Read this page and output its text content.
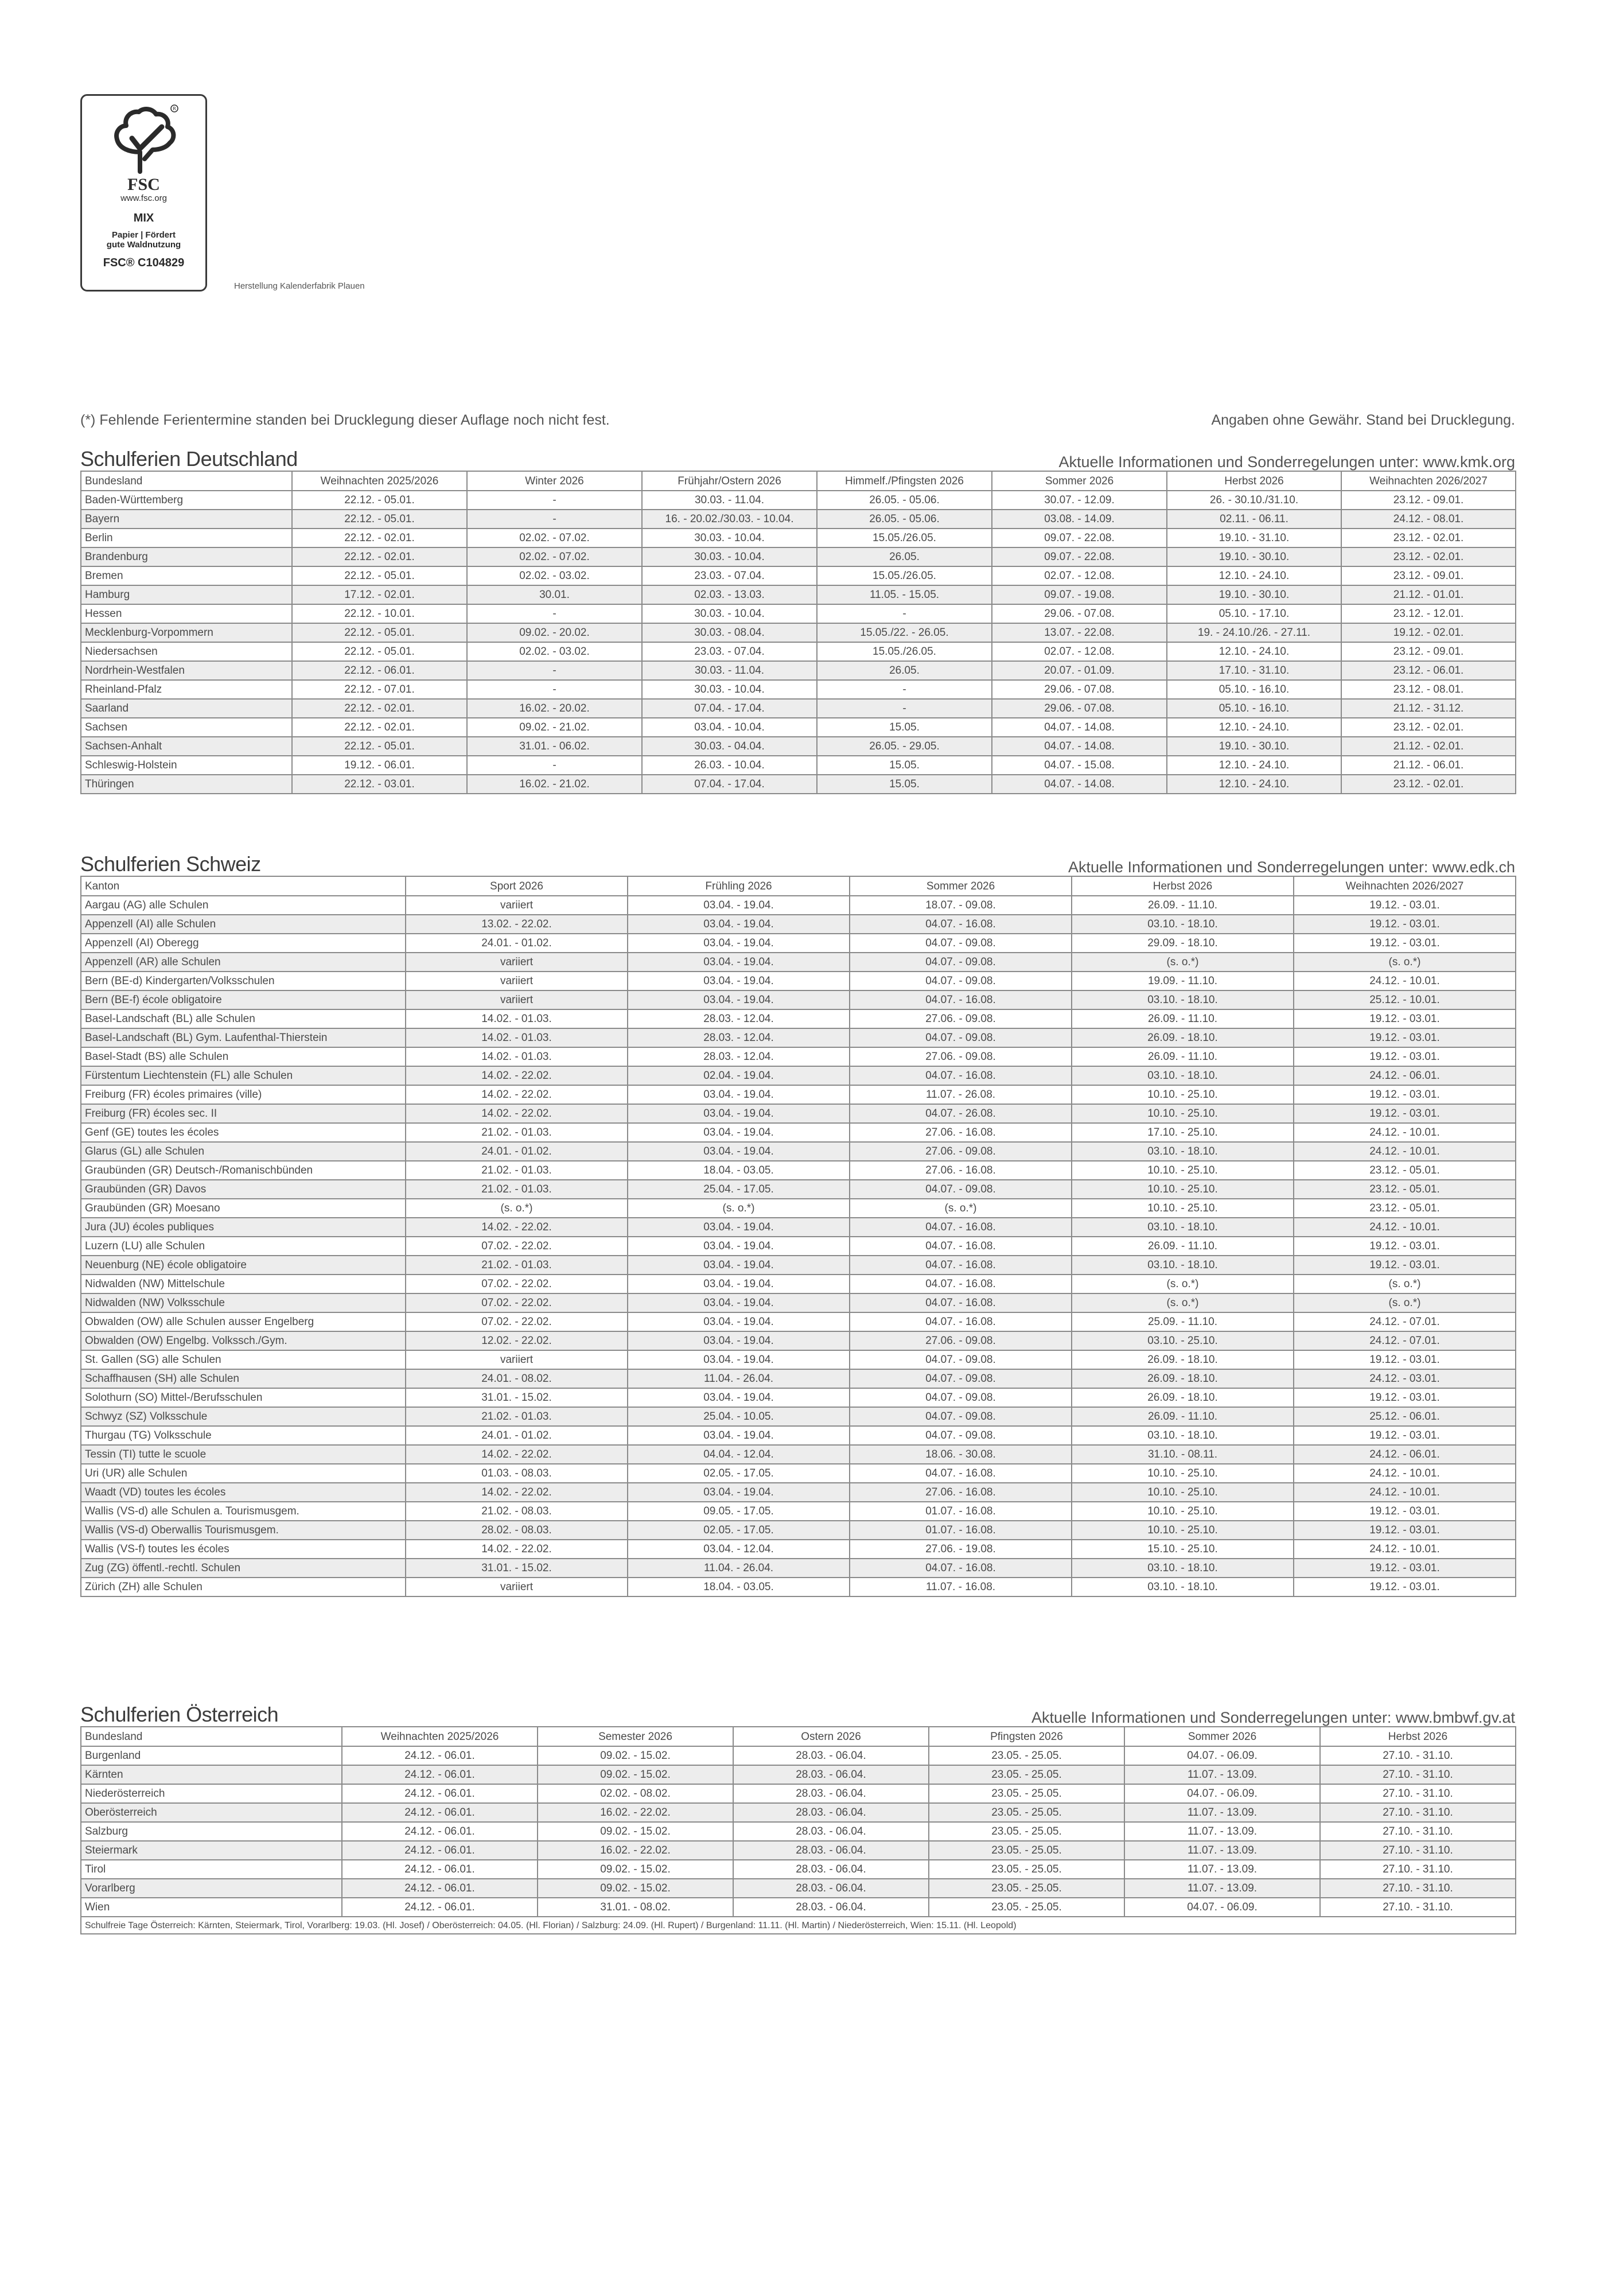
R
FSC
www.fsc.org
MIX
Papier | Fördert
gute Waldnutzung
FSC® C104829
Herstellung Kalenderfabrik Plauen
(*) Fehlende Ferientermine standen bei Drucklegung dieser Auflage noch nicht fest.	Angaben ohne Gewähr. Stand bei Drucklegung.
Schulferien Deutschland	Aktuelle Informationen und Sonderregelungen unter: www.kmk.org
Bundesland	Weihnachten 2025/2026	Winter 2026	Frühjahr/Ostern 2026	Himmelf./Pfingsten 2026	Sommer 2026	Herbst 2026	Weihnachten 2026/2027
Baden-Württemberg	22.12. - 05.01.	-	30.03. - 11.04.	26.05. - 05.06.	30.07. - 12.09.	26. - 30.10./31.10.	23.12. - 09.01.
Bayern	22.12. - 05.01.	-	16. - 20.02./30.03. - 10.04.	26.05. - 05.06.	03.08. - 14.09.	02.11. - 06.11.	24.12. - 08.01.
Berlin	22.12. - 02.01.	02.02. - 07.02.	30.03. - 10.04.	15.05./26.05.	09.07. - 22.08.	19.10. - 31.10.	23.12. - 02.01.
Brandenburg	22.12. - 02.01.	02.02. - 07.02.	30.03. - 10.04.	26.05.	09.07. - 22.08.	19.10. - 30.10.	23.12. - 02.01.
Bremen	22.12. - 05.01.	02.02. - 03.02.	23.03. - 07.04.	15.05./26.05.	02.07. - 12.08.	12.10. - 24.10.	23.12. - 09.01.
Hamburg	17.12. - 02.01.	30.01.	02.03. - 13.03.	11.05. - 15.05.	09.07. - 19.08.	19.10. - 30.10.	21.12. - 01.01.
Hessen	22.12. - 10.01.	-	30.03. - 10.04.	-	29.06. - 07.08.	05.10. - 17.10.	23.12. - 12.01.
Mecklenburg-Vorpommern	22.12. - 05.01.	09.02. - 20.02.	30.03. - 08.04.	15.05./22. - 26.05.	13.07. - 22.08.	19. - 24.10./26. - 27.11.	19.12. - 02.01.
Niedersachsen	22.12. - 05.01.	02.02. - 03.02.	23.03. - 07.04.	15.05./26.05.	02.07. - 12.08.	12.10. - 24.10.	23.12. - 09.01.
Nordrhein-Westfalen	22.12. - 06.01.	-	30.03. - 11.04.	26.05.	20.07. - 01.09.	17.10. - 31.10.	23.12. - 06.01.
Rheinland-Pfalz	22.12. - 07.01.	-	30.03. - 10.04.	-	29.06. - 07.08.	05.10. - 16.10.	23.12. - 08.01.
Saarland	22.12. - 02.01.	16.02. - 20.02.	07.04. - 17.04.	-	29.06. - 07.08.	05.10. - 16.10.	21.12. - 31.12.
Sachsen	22.12. - 02.01.	09.02. - 21.02.	03.04. - 10.04.	15.05.	04.07. - 14.08.	12.10. - 24.10.	23.12. - 02.01.
Sachsen-Anhalt	22.12. - 05.01.	31.01. - 06.02.	30.03. - 04.04.	26.05. - 29.05.	04.07. - 14.08.	19.10. - 30.10.	21.12. - 02.01.
Schleswig-Holstein	19.12. - 06.01.	-	26.03. - 10.04.	15.05.	04.07. - 15.08.	12.10. - 24.10.	21.12. - 06.01.
Thüringen	22.12. - 03.01.	16.02. - 21.02.	07.04. - 17.04.	15.05.	04.07. - 14.08.	12.10. - 24.10.	23.12. - 02.01.
Schulferien Schweiz	Aktuelle Informationen und Sonderregelungen unter: www.edk.ch
Kanton	Sport 2026	Frühling 2026	Sommer 2026	Herbst 2026	Weihnachten 2026/2027
Aargau (AG) alle Schulen	variiert	03.04. - 19.04.	18.07. - 09.08.	26.09. - 11.10.	19.12. - 03.01.
Appenzell (AI) alle Schulen	13.02. - 22.02.	03.04. - 19.04.	04.07. - 16.08.	03.10. - 18.10.	19.12. - 03.01.
Appenzell (AI) Oberegg	24.01. - 01.02.	03.04. - 19.04.	04.07. - 09.08.	29.09. - 18.10.	19.12. - 03.01.
Appenzell (AR) alle Schulen	variiert	03.04. - 19.04.	04.07. - 09.08.	(s. o.*)	(s. o.*)
Bern (BE-d) Kindergarten/Volksschulen	variiert	03.04. - 19.04.	04.07. - 09.08.	19.09. - 11.10.	24.12. - 10.01.
Bern (BE-f) école obligatoire	variiert	03.04. - 19.04.	04.07. - 16.08.	03.10. - 18.10.	25.12. - 10.01.
Basel-Landschaft (BL) alle Schulen	14.02. - 01.03.	28.03. - 12.04.	27.06. - 09.08.	26.09. - 11.10.	19.12. - 03.01.
Basel-Landschaft (BL) Gym. Laufenthal-Thierstein	14.02. - 01.03.	28.03. - 12.04.	04.07. - 09.08.	26.09. - 18.10.	19.12. - 03.01.
Basel-Stadt (BS) alle Schulen	14.02. - 01.03.	28.03. - 12.04.	27.06. - 09.08.	26.09. - 11.10.	19.12. - 03.01.
Fürstentum Liechtenstein (FL) alle Schulen	14.02. - 22.02.	02.04. - 19.04.	04.07. - 16.08.	03.10. - 18.10.	24.12. - 06.01.
Freiburg (FR) écoles primaires (ville)	14.02. - 22.02.	03.04. - 19.04.	11.07. - 26.08.	10.10. - 25.10.	19.12. - 03.01.
Freiburg (FR) écoles sec. II	14.02. - 22.02.	03.04. - 19.04.	04.07. - 26.08.	10.10. - 25.10.	19.12. - 03.01.
Genf (GE) toutes les écoles	21.02. - 01.03.	03.04. - 19.04.	27.06. - 16.08.	17.10. - 25.10.	24.12. - 10.01.
Glarus (GL) alle Schulen	24.01. - 01.02.	03.04. - 19.04.	27.06. - 09.08.	03.10. - 18.10.	24.12. - 10.01.
Graubünden (GR) Deutsch-/Romanischbünden	21.02. - 01.03.	18.04. - 03.05.	27.06. - 16.08.	10.10. - 25.10.	23.12. - 05.01.
Graubünden (GR) Davos	21.02. - 01.03.	25.04. - 17.05.	04.07. - 09.08.	10.10. - 25.10.	23.12. - 05.01.
Graubünden (GR) Moesano	(s. o.*)	(s. o.*)	(s. o.*)	10.10. - 25.10.	23.12. - 05.01.
Jura (JU) écoles publiques	14.02. - 22.02.	03.04. - 19.04.	04.07. - 16.08.	03.10. - 18.10.	24.12. - 10.01.
Luzern (LU) alle Schulen	07.02. - 22.02.	03.04. - 19.04.	04.07. - 16.08.	26.09. - 11.10.	19.12. - 03.01.
Neuenburg (NE) école obligatoire	21.02. - 01.03.	03.04. - 19.04.	04.07. - 16.08.	03.10. - 18.10.	19.12. - 03.01.
Nidwalden (NW) Mittelschule	07.02. - 22.02.	03.04. - 19.04.	04.07. - 16.08.	(s. o.*)	(s. o.*)
Nidwalden (NW) Volksschule	07.02. - 22.02.	03.04. - 19.04.	04.07. - 16.08.	(s. o.*)	(s. o.*)
Obwalden (OW) alle Schulen ausser Engelberg	07.02. - 22.02.	03.04. - 19.04.	04.07. - 16.08.	25.09. - 11.10.	24.12. - 07.01.
Obwalden (OW) Engelbg. Volkssch./Gym.	12.02. - 22.02.	03.04. - 19.04.	27.06. - 09.08.	03.10. - 25.10.	24.12. - 07.01.
St. Gallen (SG) alle Schulen	variiert	03.04. - 19.04.	04.07. - 09.08.	26.09. - 18.10.	19.12. - 03.01.
Schaffhausen (SH) alle Schulen	24.01. - 08.02.	11.04. - 26.04.	04.07. - 09.08.	26.09. - 18.10.	24.12. - 03.01.
Solothurn (SO) Mittel-/Berufsschulen	31.01. - 15.02.	03.04. - 19.04.	04.07. - 09.08.	26.09. - 18.10.	19.12. - 03.01.
Schwyz (SZ) Volksschule	21.02. - 01.03.	25.04. - 10.05.	04.07. - 09.08.	26.09. - 11.10.	25.12. - 06.01.
Thurgau (TG) Volksschule	24.01. - 01.02.	03.04. - 19.04.	04.07. - 09.08.	03.10. - 18.10.	19.12. - 03.01.
Tessin (TI) tutte le scuole	14.02. - 22.02.	04.04. - 12.04.	18.06. - 30.08.	31.10. - 08.11.	24.12. - 06.01.
Uri (UR) alle Schulen	01.03. - 08.03.	02.05. - 17.05.	04.07. - 16.08.	10.10. - 25.10.	24.12. - 10.01.
Waadt (VD) toutes les écoles	14.02. - 22.02.	03.04. - 19.04.	27.06. - 16.08.	10.10. - 25.10.	24.12. - 10.01.
Wallis (VS-d) alle Schulen a. Tourismusgem.	21.02. - 08.03.	09.05. - 17.05.	01.07. - 16.08.	10.10. - 25.10.	19.12. - 03.01.
Wallis (VS-d) Oberwallis Tourismusgem.	28.02. - 08.03.	02.05. - 17.05.	01.07. - 16.08.	10.10. - 25.10.	19.12. - 03.01.
Wallis (VS-f) toutes les écoles	14.02. - 22.02.	03.04. - 12.04.	27.06. - 19.08.	15.10. - 25.10.	24.12. - 10.01.
Zug (ZG) öffentl.-rechtl. Schulen	31.01. - 15.02.	11.04. - 26.04.	04.07. - 16.08.	03.10. - 18.10.	19.12. - 03.01.
Zürich (ZH) alle Schulen	variiert	18.04. - 03.05.	11.07. - 16.08.	03.10. - 18.10.	19.12. - 03.01.
Schulferien Österreich	Aktuelle Informationen und Sonderregelungen unter: www.bmbwf.gv.at
Bundesland	Weihnachten 2025/2026	Semester 2026	Ostern 2026	Pfingsten 2026	Sommer 2026	Herbst 2026
Burgenland	24.12. - 06.01.	09.02. - 15.02.	28.03. - 06.04.	23.05. - 25.05.	04.07. - 06.09.	27.10. - 31.10.
Kärnten	24.12. - 06.01.	09.02. - 15.02.	28.03. - 06.04.	23.05. - 25.05.	11.07. - 13.09.	27.10. - 31.10.
Niederösterreich	24.12. - 06.01.	02.02. - 08.02.	28.03. - 06.04.	23.05. - 25.05.	04.07. - 06.09.	27.10. - 31.10.
Oberösterreich	24.12. - 06.01.	16.02. - 22.02.	28.03. - 06.04.	23.05. - 25.05.	11.07. - 13.09.	27.10. - 31.10.
Salzburg	24.12. - 06.01.	09.02. - 15.02.	28.03. - 06.04.	23.05. - 25.05.	11.07. - 13.09.	27.10. - 31.10.
Steiermark	24.12. - 06.01.	16.02. - 22.02.	28.03. - 06.04.	23.05. - 25.05.	11.07. - 13.09.	27.10. - 31.10.
Tirol	24.12. - 06.01.	09.02. - 15.02.	28.03. - 06.04.	23.05. - 25.05.	11.07. - 13.09.	27.10. - 31.10.
Vorarlberg	24.12. - 06.01.	09.02. - 15.02.	28.03. - 06.04.	23.05. - 25.05.	11.07. - 13.09.	27.10. - 31.10.
Wien	24.12. - 06.01.	31.01. - 08.02.	28.03. - 06.04.	23.05. - 25.05.	04.07. - 06.09.	27.10. - 31.10.
Schulfreie Tage Österreich: Kärnten, Steiermark, Tirol, Vorarlberg: 19.03. (Hl. Josef) / Oberösterreich: 04.05. (Hl. Florian) / Salzburg: 24.09. (Hl. Rupert) / Burgenland: 11.11. (Hl. Martin) / Niederösterreich, Wien: 15.11. (Hl. Leopold)						
